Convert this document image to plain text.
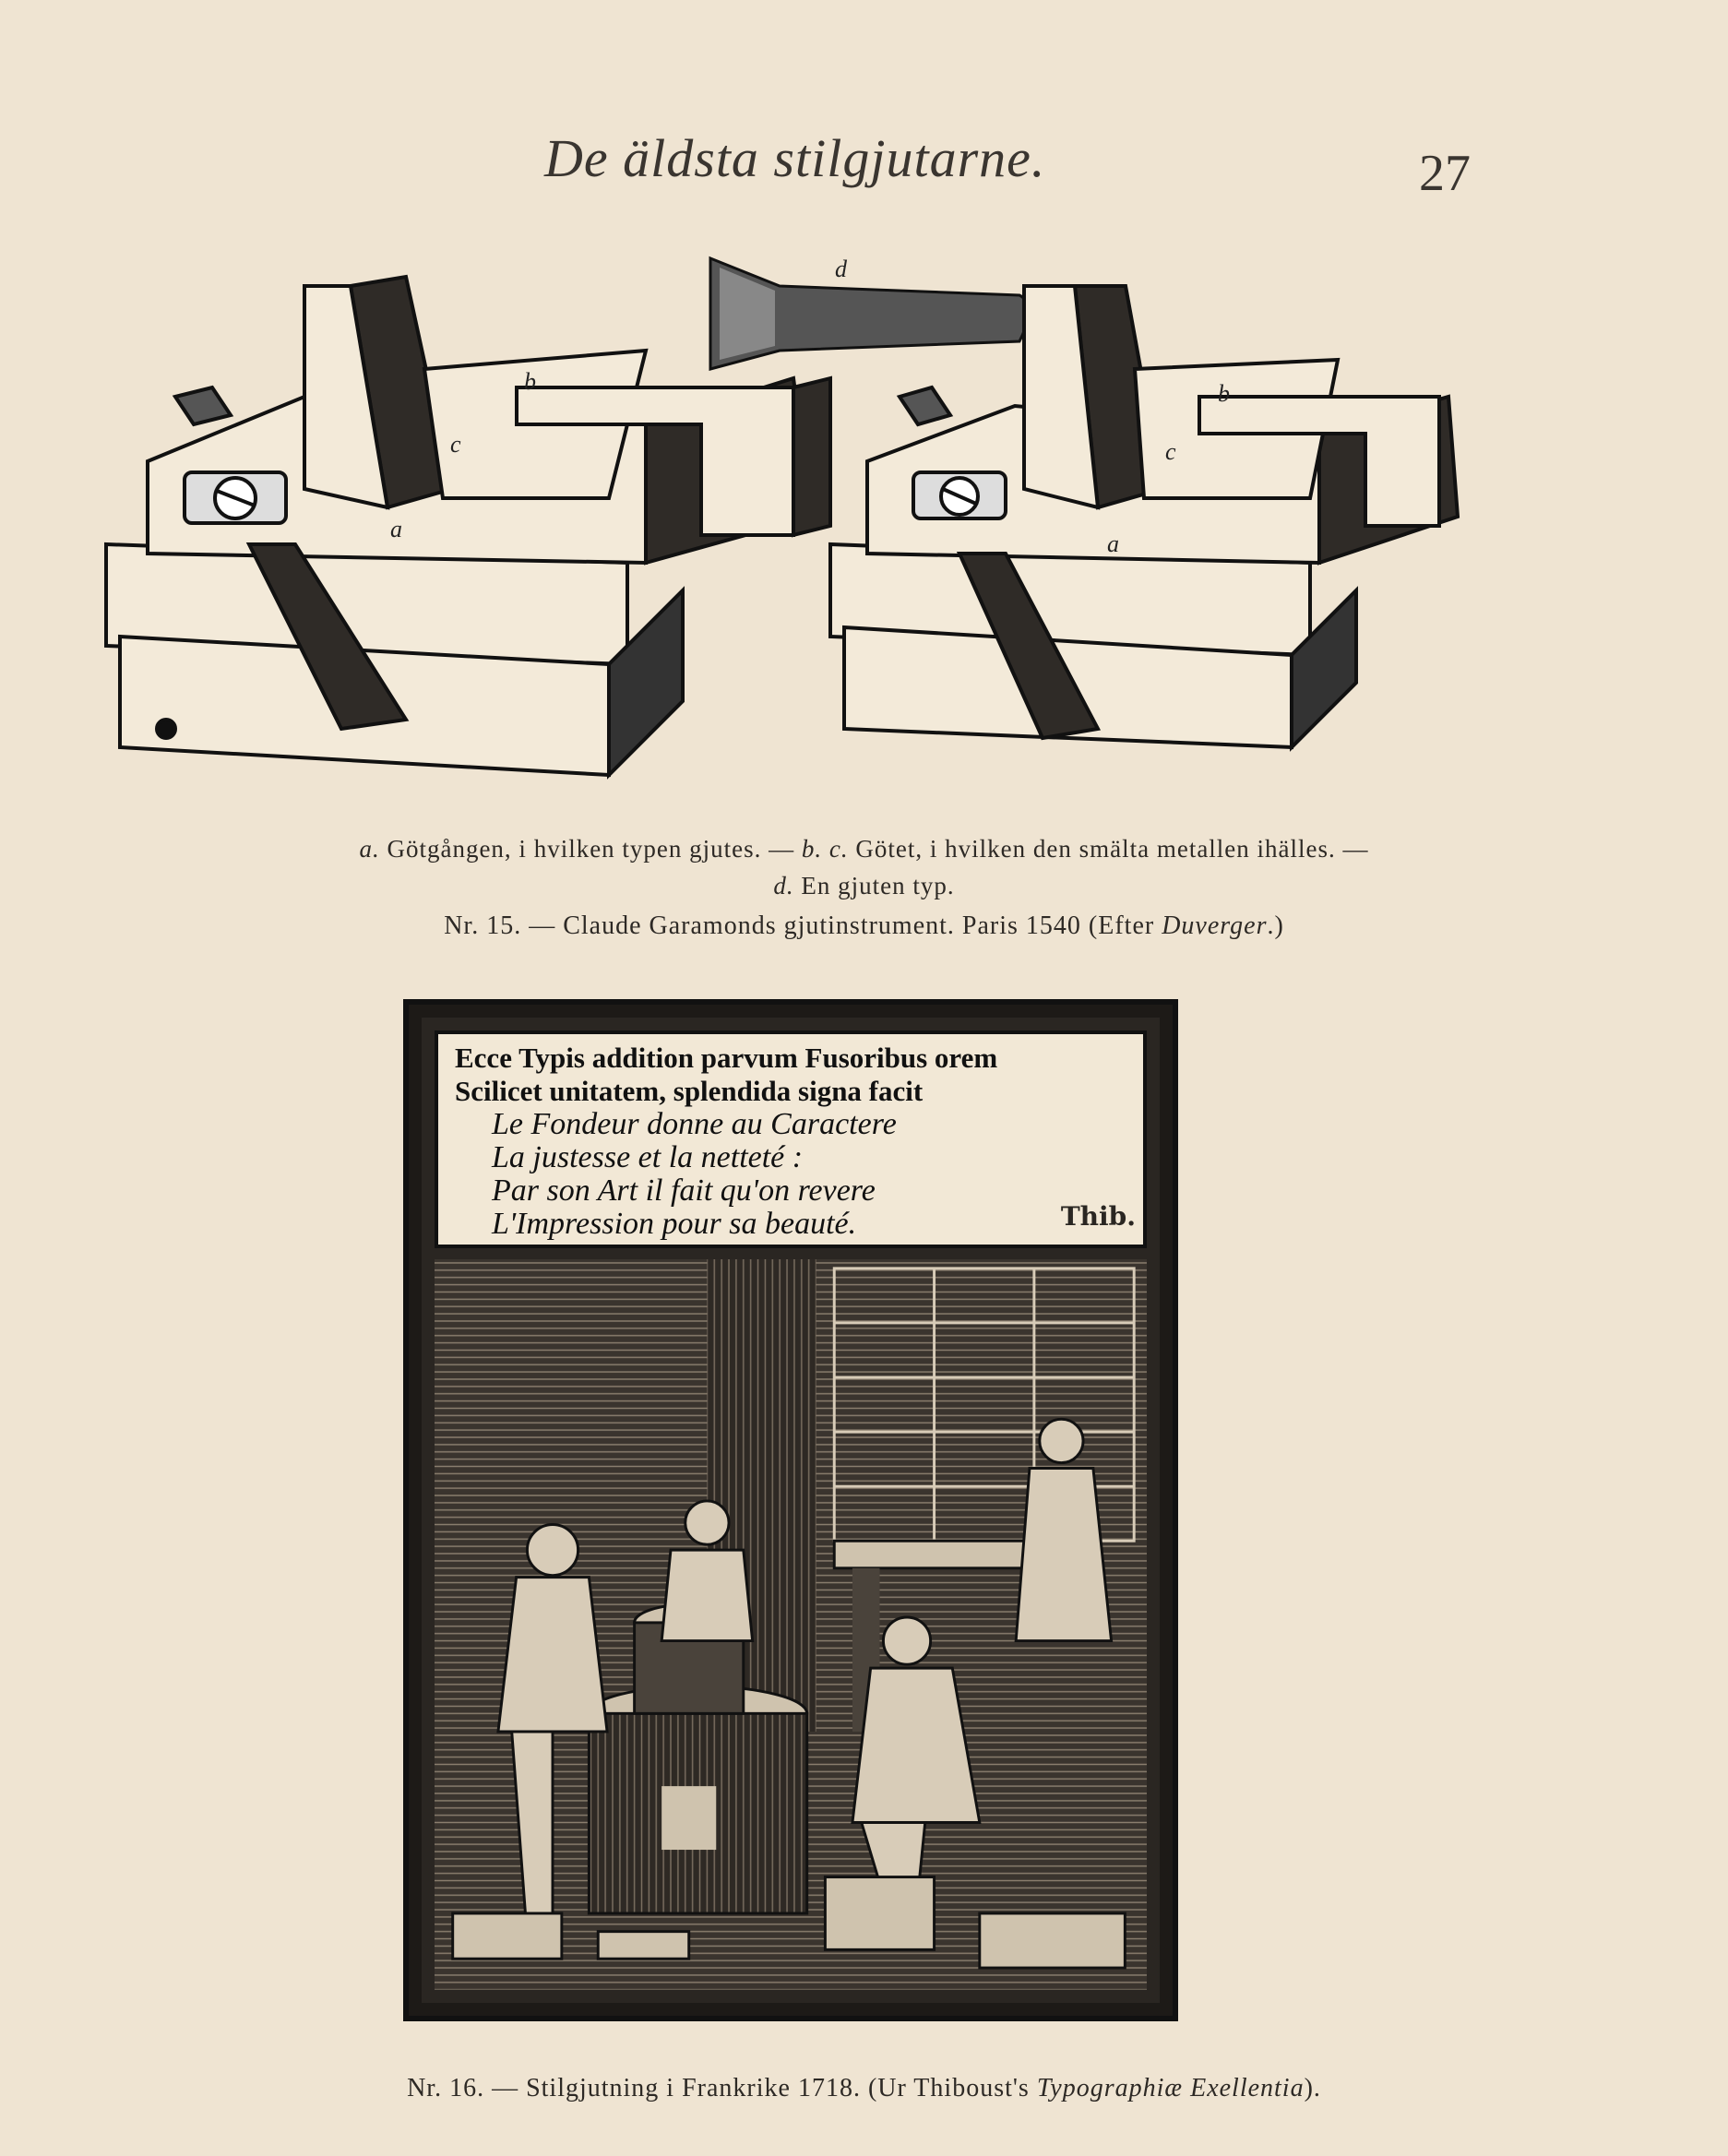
De äldsta stilgjutarne.	27
d
b
c
a
b
c
a
a. Götgången, i hvilken typen gjutes. — b. c. Götet, i hvilken den smälta metallen ihälles. —
d. En gjuten typ.
Nr. 15. — Claude Garamonds gjutinstrument. Paris 1540 (Efter Duverger.)
Ecce Typis addition parvum Fusoribus orem
Scilicet unitatem, splendida signa facit
Le Fondeur donne au Caractere
La justesse et la netteté :
Par son Art il fait qu'on revere
L'Impression pour sa beauté.	Thib.
Nr. 16. — Stilgjutning i Frankrike 1718. (Ur Thiboust's Typographiæ Exellentia).
